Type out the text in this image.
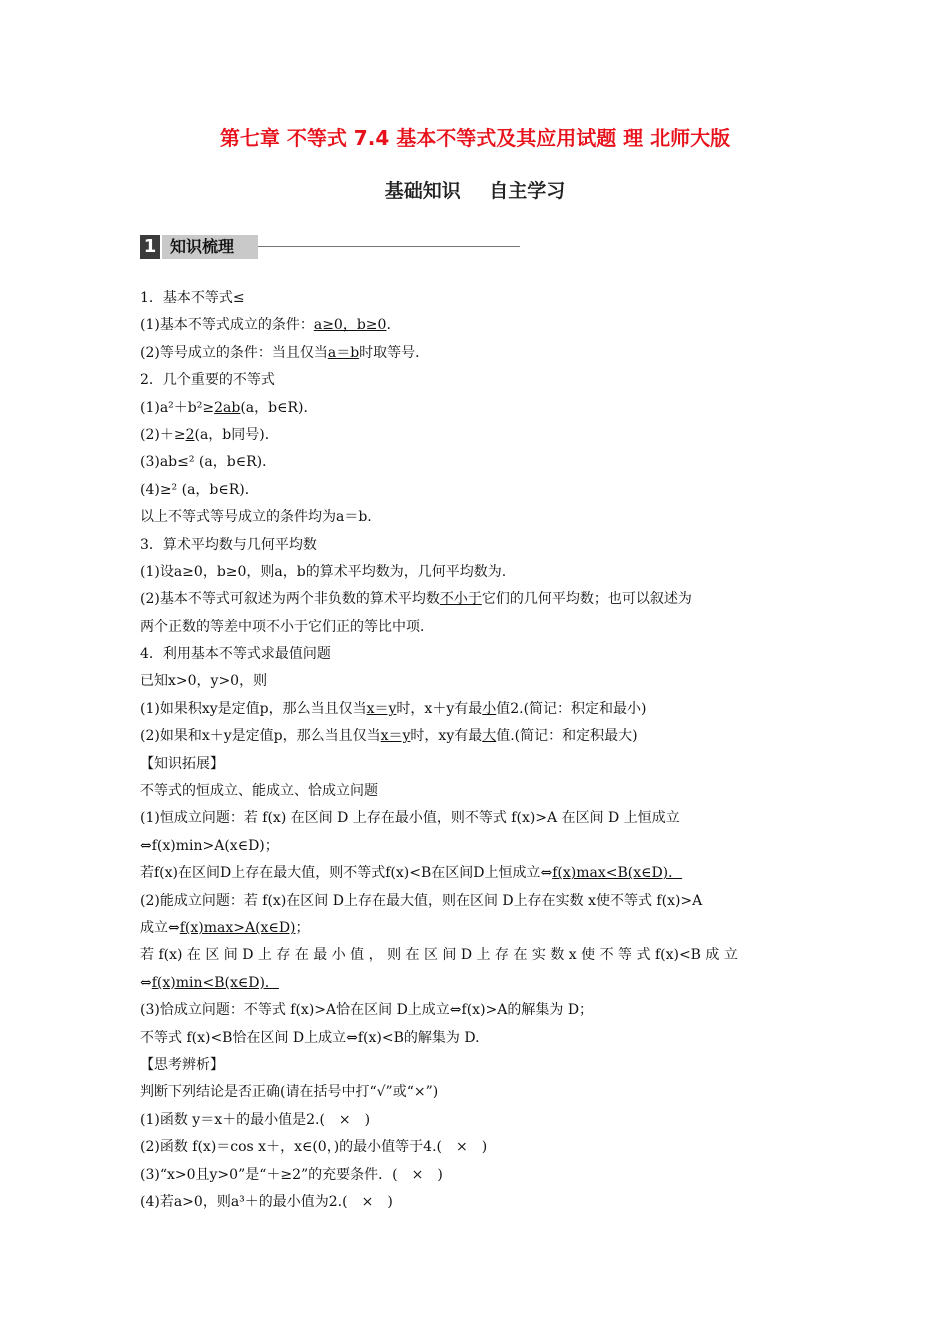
第七章 不等式 7.4 基本不等式及其应用试题 理 北师大版
基础知识 自主学习
1 知识梳理
1．基本不等式≤
(1)基本不等式成立的条件：a≥0，b≥0.
(2)等号成立的条件：当且仅当a＝b时取等号．
2．几个重要的不等式
(1)a²＋b²≥2ab(a，b∈R)．
(2)＋≥2(a，b同号)．
(3)ab≤² (a，b∈R)．
(4)≥² (a，b∈R)．
以上不等式等号成立的条件均为a＝b.
3．算术平均数与几何平均数
(1)设a≥0，b≥0，则a，b的算术平均数为，几何平均数为.
(2)基本不等式可叙述为两个非负数的算术平均数不小于它们的几何平均数；也可以叙述为
两个正数的等差中项不小于它们正的等比中项．
4．利用基本不等式求最值问题
已知x>0，y>0，则
(1)如果积xy是定值p，那么当且仅当x＝y时，x＋y有最小值2.(简记：积定和最小)
(2)如果和x＋y是定值p，那么当且仅当x＝y时，xy有最大值.(简记：和定积最大)
【知识拓展】
不等式的恒成立、能成立、恰成立问题
(1)恒成立问题：若 f(x) 在区间 D 上存在最小值，则不等式 f(x)>A 在区间 D 上恒成立
⇔f(x)min>A(x∈D)；
若f(x)在区间D上存在最大值，则不等式f(x)<B在区间D上恒成立⇔f(x)max<B(x∈D)．
(2)能成立问题：若 f(x)在区间 D上存在最大值，则在区间 D上存在实数 x使不等式 f(x)>A
成立⇔f(x)max>A(x∈D)；
若 f(x) 在 区 间 D 上 存 在 最 小 值 ， 则 在 区 间 D 上 存 在 实 数 x 使 不 等 式 f(x)<B 成 立
⇔f(x)min<B(x∈D)．
(3)恰成立问题：不等式 f(x)>A恰在区间 D上成立⇔f(x)>A的解集为 D；
不等式 f(x)<B恰在区间 D上成立⇔f(x)<B的解集为 D.
【思考辨析】
判断下列结论是否正确(请在括号中打“√”或“×”)
(1)函数 y＝x＋的最小值是2.(　×　)
(2)函数 f(x)＝cos x＋，x∈(0，)的最小值等于4.(　×　)
(3)“x>0且y>0”是“＋≥2”的充要条件．(　×　)
(4)若a>0，则a³＋的最小值为2.(　×　)
